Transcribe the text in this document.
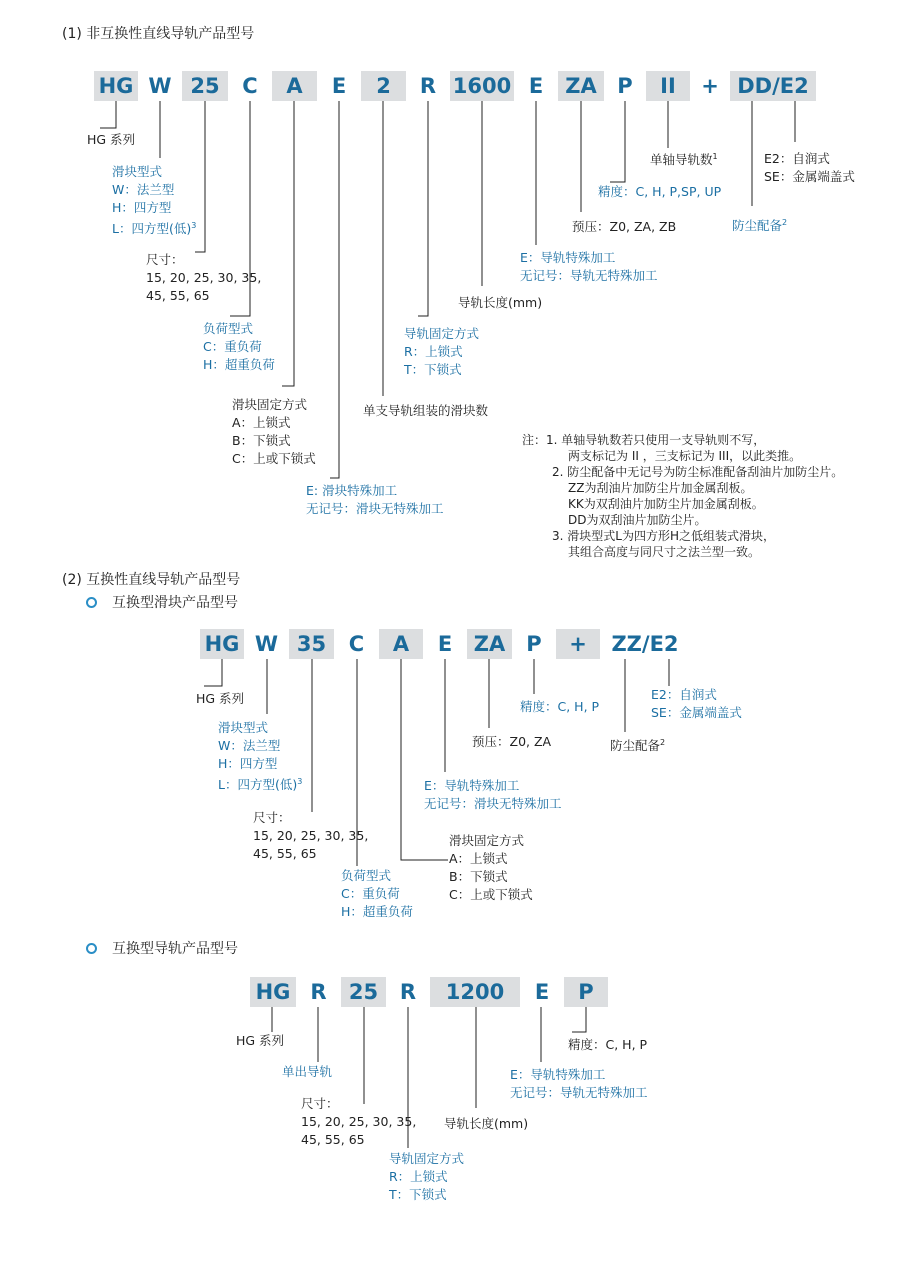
(1) 非互换性直线导轨产品型号
HG W 25	C	A	E	2	R 1600 E	ZA P	II	+ DD/E2
HG 系列
滑块型式
W：法兰型
H：四方型
L：四方型(低)$^3$
尺寸：
15, 20, 25, 30, 35,
45, 55, 65
负荷型式
C：重负荷
H：超重负荷
滑块固定方式
A：上锁式
B：下锁式
C：上或下锁式
E: 滑块特殊加工
无记号：滑块无特殊加工
单支导轨组装的滑块数
导轨固定方式
R：上锁式
T：下锁式
导轨长度(mm)
E：导轨特殊加工
无记号：导轨无特殊加工
预压：Z0, ZA, ZB
精度：C, H, P,SP, UP
单轴导轨数$^1$
防尘配备$^2$
E2：自润式
SE：金属端盖式
注：1. 单轴导轨数若只使用一支导轨则不写，
两支标记为 II ，三支标记为 III，以此类推。
2. 防尘配备中无记号为防尘标准配备刮油片加防尘片。
ZZ为刮油片加防尘片加金属刮板。
KK为双刮油片加防尘片加金属刮板。
DD为双刮油片加防尘片。
3. 滑块型式L为四方形H之低组装式滑块，
其组合高度与同尺寸之法兰型一致。
(2) 互换性直线导轨产品型号
互换型滑块产品型号
HG W 35	C	A	E	ZA	P	+	ZZ/E2
HG 系列
滑块型式
W：法兰型
H：四方型
L：四方型(低)$^3$
尺寸：
15, 20, 25, 30, 35,
45, 55, 65
负荷型式
C：重负荷
H：超重负荷
滑块固定方式
A：上锁式
B：下锁式
C：上或下锁式
E：导轨特殊加工
无记号：滑块无特殊加工
预压：Z0, ZA
精度：C, H, P
防尘配备$^2$
E2：自润式
SE：金属端盖式
互换型导轨产品型号
HG R	25	R	1200	E	P
HG 系列
单出导轨
尺寸：
15, 20, 25, 30, 35,
45, 55, 65
导轨固定方式
R：上锁式
T：下锁式
导轨长度(mm)
E：导轨特殊加工
无记号：导轨无特殊加工
精度：C, H, P
